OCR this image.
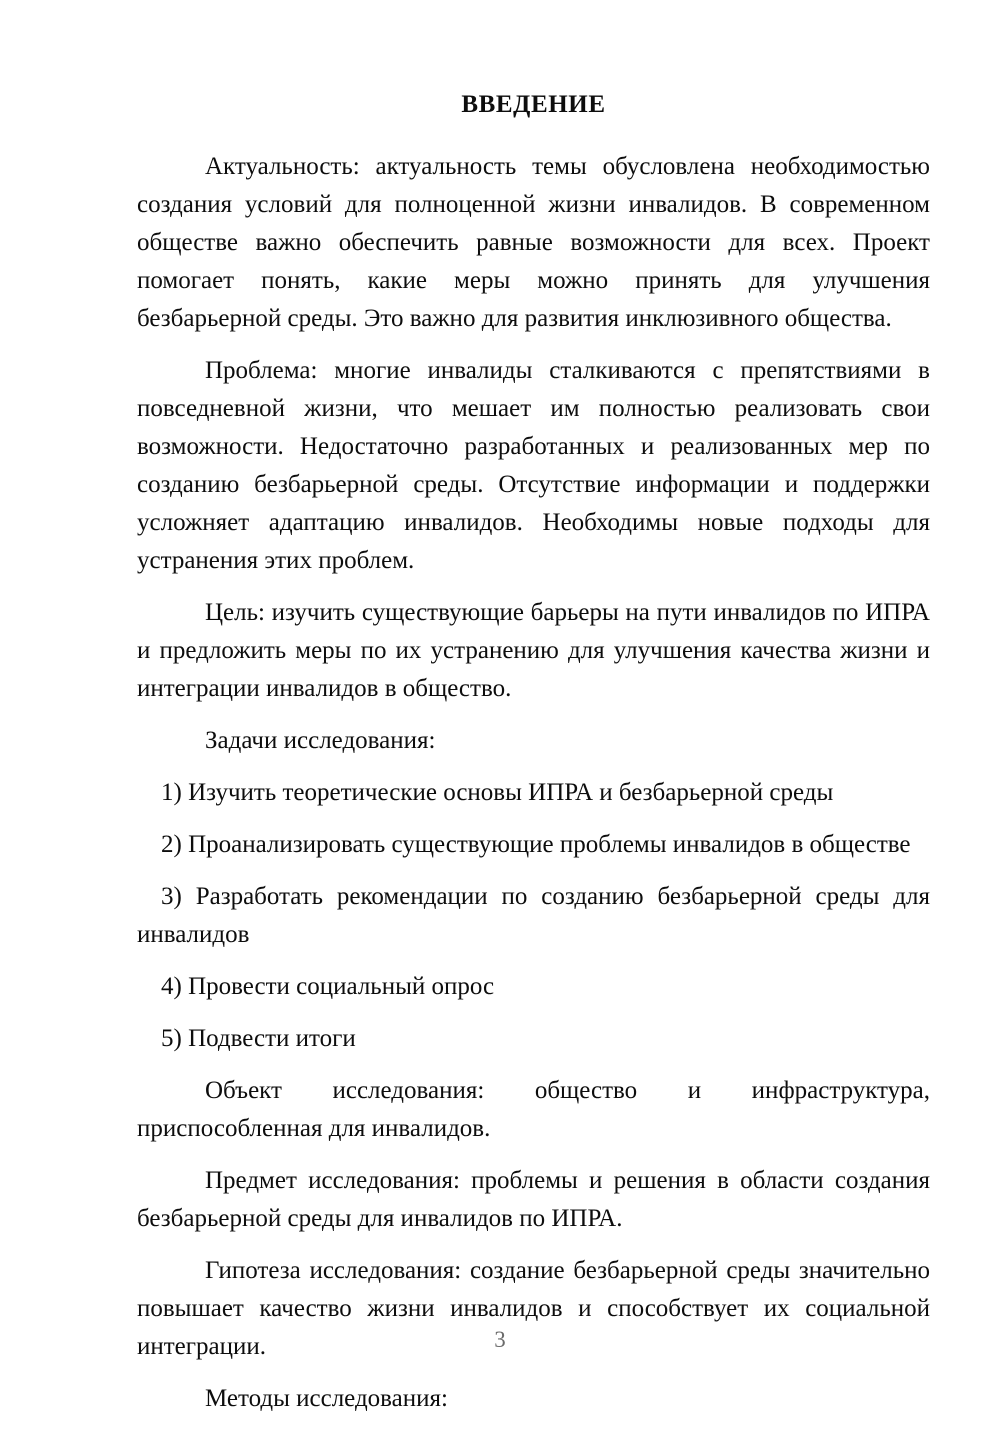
ВВЕДЕНИЕ
Актуальность: актуальность темы обусловлена необходимостью
создания условий для полноценной жизни инвалидов. В современном
обществе важно обеспечить равные возможности для всех. Проект
помогает понять, какие меры можно принять для улучшения
безбарьерной среды. Это важно для развития инклюзивного общества.
Проблема: многие инвалиды сталкиваются с препятствиями в
повседневной жизни, что мешает им полностью реализовать свои
возможности. Недостаточно разработанных и реализованных мер по
созданию безбарьерной среды. Отсутствие информации и поддержки
усложняет адаптацию инвалидов. Необходимы новые подходы для
устранения этих проблем.
Цель: изучить существующие барьеры на пути инвалидов по ИПРА
и предложить меры по их устранению для улучшения качества жизни и
интеграции инвалидов в общество.
Задачи исследования:
1) Изучить теоретические основы ИПРА и безбарьерной среды
2) Проанализировать существующие проблемы инвалидов в обществе
3) Разработать рекомендации по созданию безбарьерной среды для
инвалидов
4) Провести социальный опрос
5) Подвести итоги
Объект исследования: общество и инфраструктура,
приспособленная для инвалидов.
Предмет исследования: проблемы и решения в области создания
безбарьерной среды для инвалидов по ИПРА.
Гипотеза исследования: создание безбарьерной среды значительно
повышает качество жизни инвалидов и способствует их социальной
интеграции.
Методы исследования:
3
